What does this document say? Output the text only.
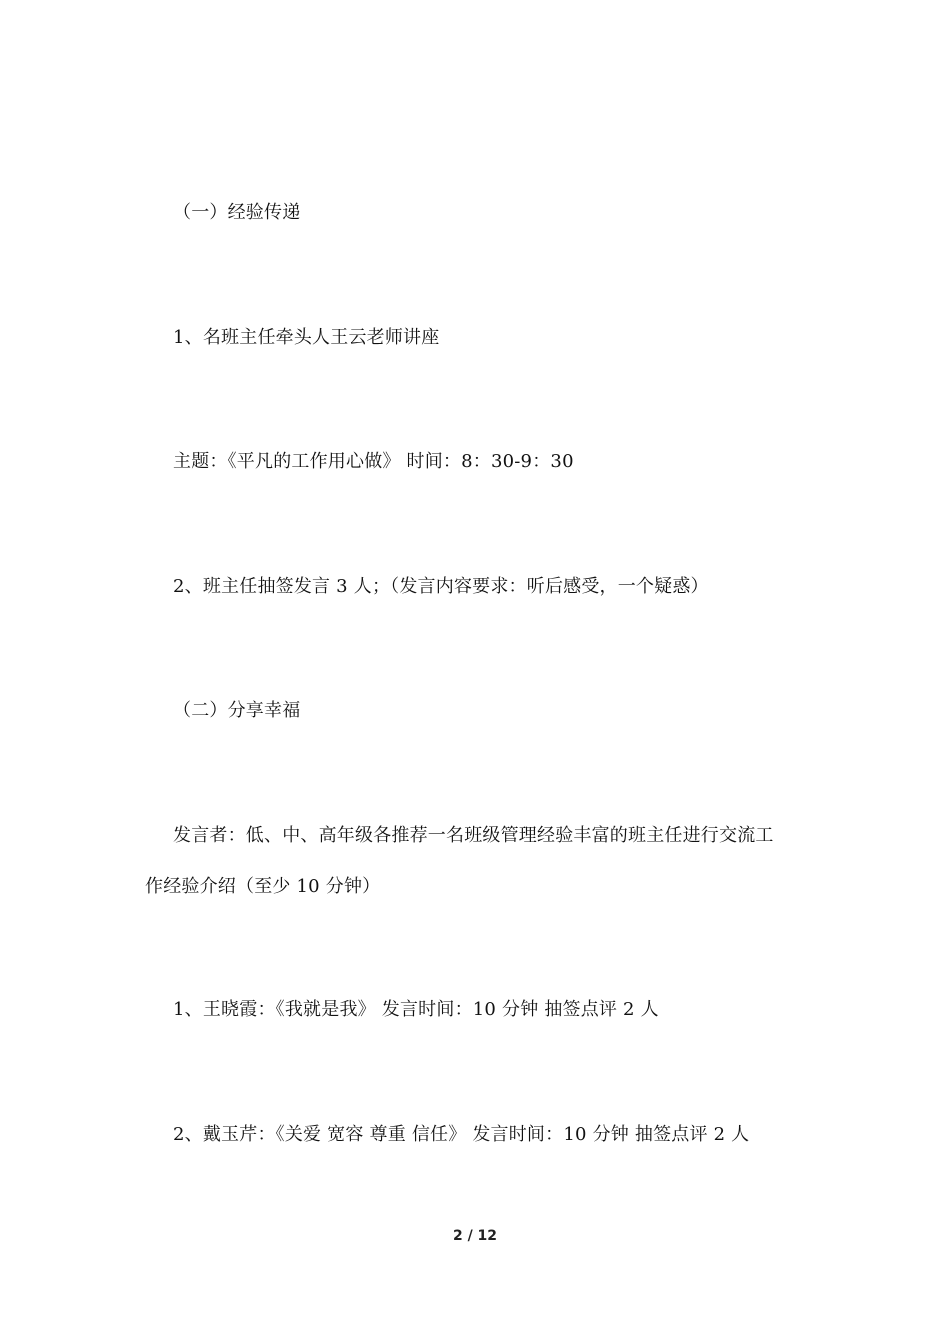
（一）经验传递
1、名班主任牵头人王云老师讲座
主题：《平凡的工作用心做》 时间：8：30-9：30
2、班主任抽签发言 3 人；（发言内容要求：听后感受，一个疑惑）
（二）分享幸福
发言者：低、中、高年级各推荐一名班级管理经验丰富的班主任进行交流工
作经验介绍（至少 10 分钟）
1、王晓霞：《我就是我》 发言时间：10 分钟 抽签点评 2 人
2、戴玉芹：《关爱 宽容 尊重 信任》 发言时间：10 分钟 抽签点评 2 人
2 / 12
